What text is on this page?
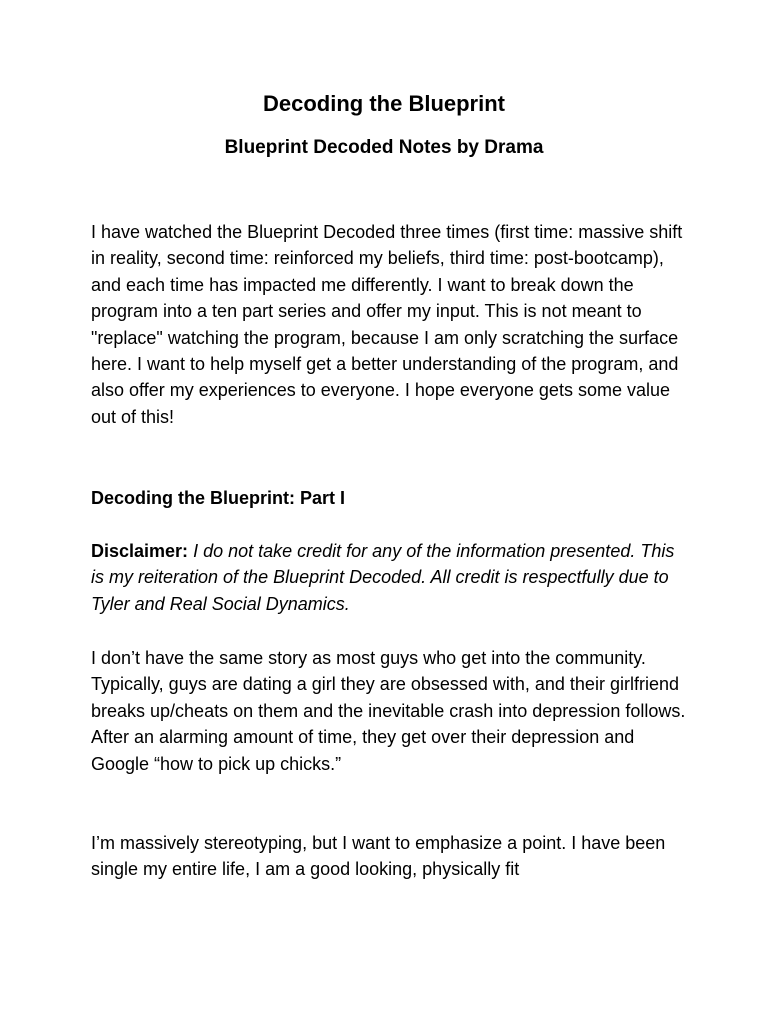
Decoding the Blueprint
Blueprint Decoded Notes by Drama

I have watched the Blueprint Decoded three times (first time: massive shift in reality, second time: reinforced my beliefs, third time: post-bootcamp), and each time has impacted me differently. I want to break down the program into a ten part series and offer my input. This is not meant to "replace" watching the program, because I am only scratching the surface here. I want to help myself get a better understanding of the program, and also offer my experiences to everyone. I hope everyone gets some value out of this!

Decoding the Blueprint: Part I

Disclaimer: I do not take credit for any of the information presented. This is my reiteration of the Blueprint Decoded. All credit is respectfully due to Tyler and Real Social Dynamics.

I don’t have the same story as most guys who get into the community. Typically, guys are dating a girl they are obsessed with, and their girlfriend breaks up/cheats on them and the inevitable crash into depression follows. After an alarming amount of time, they get over their depression and Google “how to pick up chicks.”

I’m massively stereotyping, but I want to emphasize a point. I have been single my entire life, I am a good looking, physically fit
